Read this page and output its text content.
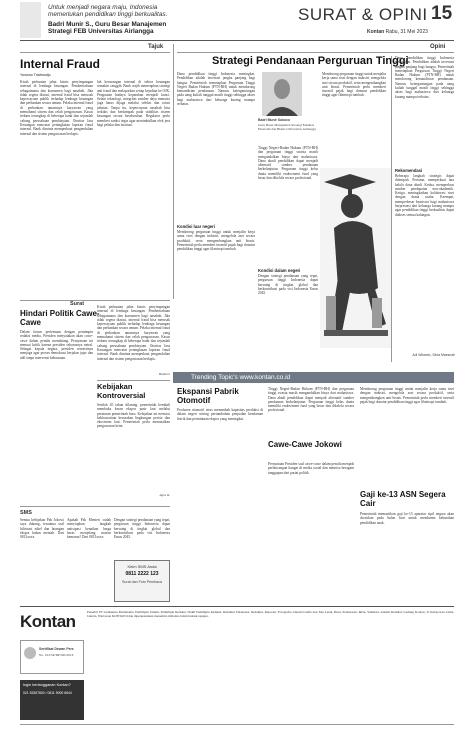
Untuk menjadi negara maju, Indonesia
memerlukan pendidikan tinggi berkualitas.
Badri Munir S., Guru Besar Manajemen
Strategi FEB Universitas Airlangga
SURAT & OPINI 15
Kontan Rabu, 31 Mei 2023
Tajuk
Internal Fraud
Yuwono Triatmodjo
Kisah perbuatan jahat bisnis penyimpangan internal di lembaga keuangan. Pemberitahuan sebagaimana dan konsumen bagi nasabah. Jika tidak segera diatasi, internal fraud bisa merusak kepercayaan publik terhadap lembaga keuangan dan perbankan secara umum. Pelaku internal fraud di perbankan umumnya karyawan yang memahami sistem dan celah pengawasan. Kasus terbaru terungkap di beberapa bank dan sejumlah cabang perusahaan pembiayaan. Otoritas Jasa Keuangan mencatat peningkatan laporan fraud internal. Bank diminta memperkuat pengendalian internal dan sistem pengawasan berlapis.
lah kecurangan internal di sektor keuangan semakin canggih. Bank wajib menerapkan strategi anti fraud dan melaporkan setiap kejadian ke OJK. Penguatan budaya kepatuhan menjadi kunci. Selain teknologi, integritas sumber daya manusia juga harus dijaga melalui seleksi dan rotasi jabatan. Tanpa itu, kepercayaan nasabah bisa terkikis dan berdampak pada stabilitas sistem keuangan secara keseluruhan. Regulator perlu memberi sanksi tegas agar menimbulkan efek jera bagi pelaku dan institusi.
Opini
Strategi Pendanaan Perguruan Tinggi
Badri Munir Sukoco
Guru Besar Manajemen Strategi Fakultas Ekonomi dan Bisnis Universitas Airlangga
Dana pendidikan tinggi Indonesia meningkat. Pendidikan adalah investasi jangka panjang bagi bangsa. Pemerintah menetapkan Perguruan Tinggi Negeri Badan Hukum (PTN-BH) untuk mendorong kemandirian pendanaan. Namun, ketergantungan pada uang kuliah tunggal masih tinggi sehingga akses bagi mahasiswa dari keluarga kurang mampu terbatas.
Kondisi luar negeri
Mendorong perguruan tinggi untuk menjalin kerja sama riset dengan industri, mengelola aset secara produktif, serta mengembangkan unit bisnis. Pemerintah perlu memberi insentif pajak bagi donatur pendidikan tinggi agar filantropi tumbuh.
Tinggi Negeri-Badan Hukum (PTN-BH) dan perguruan tinggi swasta masih mengandalkan biaya dari mahasiswa. Dana abadi pendidikan dapat menjadi alternatif sumber pendanaan berkelanjutan. Perguruan tinggi kelas dunia memiliki endowment fund yang besar dan dikelola secara profesional.
Kondisi dalam negeri
Dengan strategi pendanaan yang tepat, perguruan tinggi Indonesia dapat bersaing di tingkat global dan berkontribusi pada visi Indonesia Emas 2045.
Mendorong perguruan tinggi untuk menjalin kerja sama riset dengan industri, mengelola aset secara produktif, serta mengembangkan unit bisnis. Pemerintah perlu memberi insentif pajak bagi donatur pendidikan tinggi agar filantropi tumbuh.
Dana pendidikan tinggi Indonesia meningkat. Pendidikan adalah investasi jangka panjang bagi bangsa. Pemerintah menetapkan Perguruan Tinggi Negeri Badan Hukum (PTN-BH) untuk mendorong kemandirian pendanaan. Namun, ketergantungan pada uang kuliah tunggal masih tinggi sehingga akses bagi mahasiswa dari keluarga kurang mampu terbatas.
Rekomendasi
Beberapa langkah strategis dapat ditempuh. Pertama, memperkuat tata kelola dana abadi. Kedua, memperluas sumber pendapatan non-akademik. Ketiga, meningkatkan kolaborasi riset dengan dunia usaha. Keempat, memperbesar beasiswa bagi mahasiswa berprestasi dari keluarga kurang mampu agar pendidikan tinggi berkualitas dapat diakses semua kalangan.
Adi Wikanto, Sinta Maesnah
Surat
Hindari Politik Cawe-Cawe
Dalam forum pertemuan dengan pemimpin redaksi media, Presiden menyatakan akan cawe-cawe dalam pemilu mendatang. Pernyataan ini menuai kritik karena presiden seharusnya netral. Sebagai kepala negara, presiden semestinya menjaga agar proses demokrasi berjalan jujur dan adil tanpa intervensi kekuasaan.
Kisah perbuatan jahat bisnis penyimpangan internal di lembaga keuangan. Pemberitahuan sebagaimana dan konsumen bagi nasabah. Jika tidak segera diatasi, internal fraud bisa merusak kepercayaan publik terhadap lembaga keuangan dan perbankan secara umum. Pelaku internal fraud di perbankan umumnya karyawan yang memahami sistem dan celah pengawasan. Kasus terbaru terungkap di beberapa bank dan sejumlah cabang perusahaan pembiayaan. Otoritas Jasa Keuangan mencatat peningkatan laporan fraud internal. Bank diminta memperkuat pengendalian internal dan sistem pengawasan berlapis.
Baskoro
Kebijakan Kontroversial
Setelah 20 tahun dilarang, pemerintah kembali membuka keran ekspor pasir laut melalui peraturan pemerintah baru. Kebijakan ini memicu kekhawatiran kerusakan lingkungan pesisir dan ekosistem laut. Pemerintah perlu memastikan pengawasan ketat.
Agus R.
SMS
Semua kebijakan Pak Jokowi saya dukung, terutama soal hilirisasi nikel dan larangan ekspor bahan mentah. Dari 0812xxxx
Apakah Pak Menteri sudah menyiapkan langkah antisipasi kenaikan harga beras menjelang musim kemarau? Dari 0813xxxx
Dengan strategi pendanaan yang tepat, perguruan tinggi Indonesia dapat bersaing di tingkat global dan berkontribusi pada visi Indonesia Emas 2045.
Kirim SMS Anda
0811 2222 123
Surat dan Foto Pembaca
Trending Topic's www.kontan.co.id
Ekspansi Pabrik Otomotif
Produsen otomotif terus menambah kapasitas produksi di dalam negeri seiring pertumbuhan penjualan kendaraan listrik dan permintaan ekspor yang meningkat.
Tinggi Negeri-Badan Hukum (PTN-BH) dan perguruan tinggi swasta masih mengandalkan biaya dari mahasiswa. Dana abadi pendidikan dapat menjadi alternatif sumber pendanaan berkelanjutan. Perguruan tinggi kelas dunia memiliki endowment fund yang besar dan dikelola secara profesional.
Cawe-Cawe Jokowi
Pernyataan Presiden soal cawe-cawe dalam pemilu menjadi perbincangan hangat di media sosial dan memicu beragam tanggapan dari partai politik.
Mendorong perguruan tinggi untuk menjalin kerja sama riset dengan industri, mengelola aset secara produktif, serta mengembangkan unit bisnis. Pemerintah perlu memberi insentif pajak bagi donatur pendidikan tinggi agar filantropi tumbuh.
Gaji ke-13 ASN Segera Cair
Pemerintah memastikan gaji ke-13 aparatur sipil negara akan dicairkan pada bulan Juni untuk membantu kebutuhan pendidikan anak.
Kontan	Penerbit PT Grahanusa Mediatama. Pemimpin Umum, Pemimpin Redaksi, Wakil Pemimpin Redaksi, Redaktur Pelaksana, Redaktur, Reporter, Fotografer, Desain Grafis dan Tata Letak, Riset, Pemasaran, Iklan, Sirkulasi. Alamat Redaksi: Gedung Kontan, Jl. Kebayoran Lama, Jakarta. Wartawan KONTAN tidak diperkenankan menerima imbalan dalam bentuk apapun.
Sertifikat Dewan Pers
No. 102/SP/DP/XII/2016
Ingin berlangganan Kontan?
021 53357800 / 0811 9000 6644
